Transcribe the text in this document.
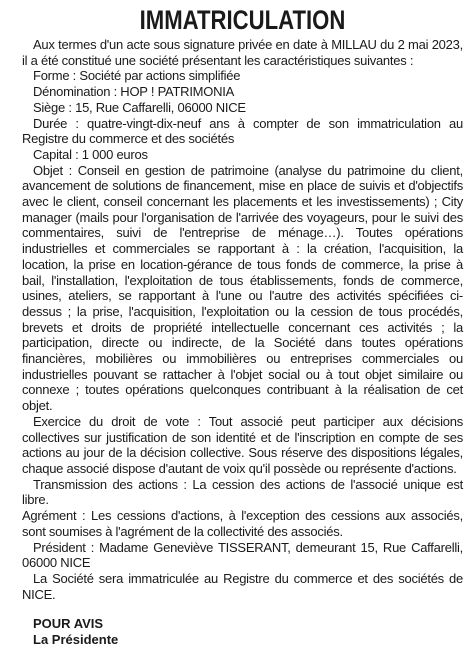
IMMATRICULATION

Aux termes d'un acte sous signature privée en date à MILLAU du 2 mai 2023, il a été constitué une société présentant les caractéristiques suivantes :

Forme : Société par actions simplifiée

Dénomination : HOP ! PATRIMONIA

Siège : 15, Rue Caffarelli, 06000 NICE

Durée : quatre-vingt-dix-neuf ans à compter de son immatriculation au Registre du commerce et des sociétés

Capital : 1 000 euros

Objet : Conseil en gestion de patrimoine (analyse du patrimoine du client, avancement de solutions de financement, mise en place de suivis et d'objectifs avec le client, conseil concernant les placements et les investissements) ; City manager (mails pour l'organisation de l'arrivée des voyageurs, pour le suivi des commentaires, suivi de l'entreprise de ménage…). Toutes opérations industrielles et commerciales se rapportant à : la création, l'acquisition, la location, la prise en location-gérance de tous fonds de commerce, la prise à bail, l'installation, l'exploitation de tous établissements, fonds de commerce, usines, ateliers, se rapportant à l'une ou l'autre des activités spécifiées ci-dessus ; la prise, l'acquisition, l'exploitation ou la cession de tous procédés, brevets et droits de propriété intellectuelle concernant ces activités ; la participation, directe ou indirecte, de la Société dans toutes opérations financières, mobilières ou immobilières ou entreprises commerciales ou industrielles pouvant se rattacher à l'objet social ou à tout objet similaire ou connexe ; toutes opérations quelconques contribuant à la réalisation de cet objet.

Exercice du droit de vote : Tout associé peut participer aux décisions collectives sur justification de son identité et de l'inscription en compte de ses actions au jour de la décision collective. Sous réserve des dispositions légales, chaque associé dispose d'autant de voix qu'il possède ou représente d'actions.

Transmission des actions : La cession des actions de l'associé unique est libre.

Agrément : Les cessions d'actions, à l'exception des cessions aux associés, sont soumises à l'agrément de la collectivité des associés.

Président : Madame Geneviève TISSERANT, demeurant 15, Rue Caffarelli, 06000 NICE

La Société sera immatriculée au Registre du commerce et des sociétés de NICE.

POUR AVIS
La Présidente
